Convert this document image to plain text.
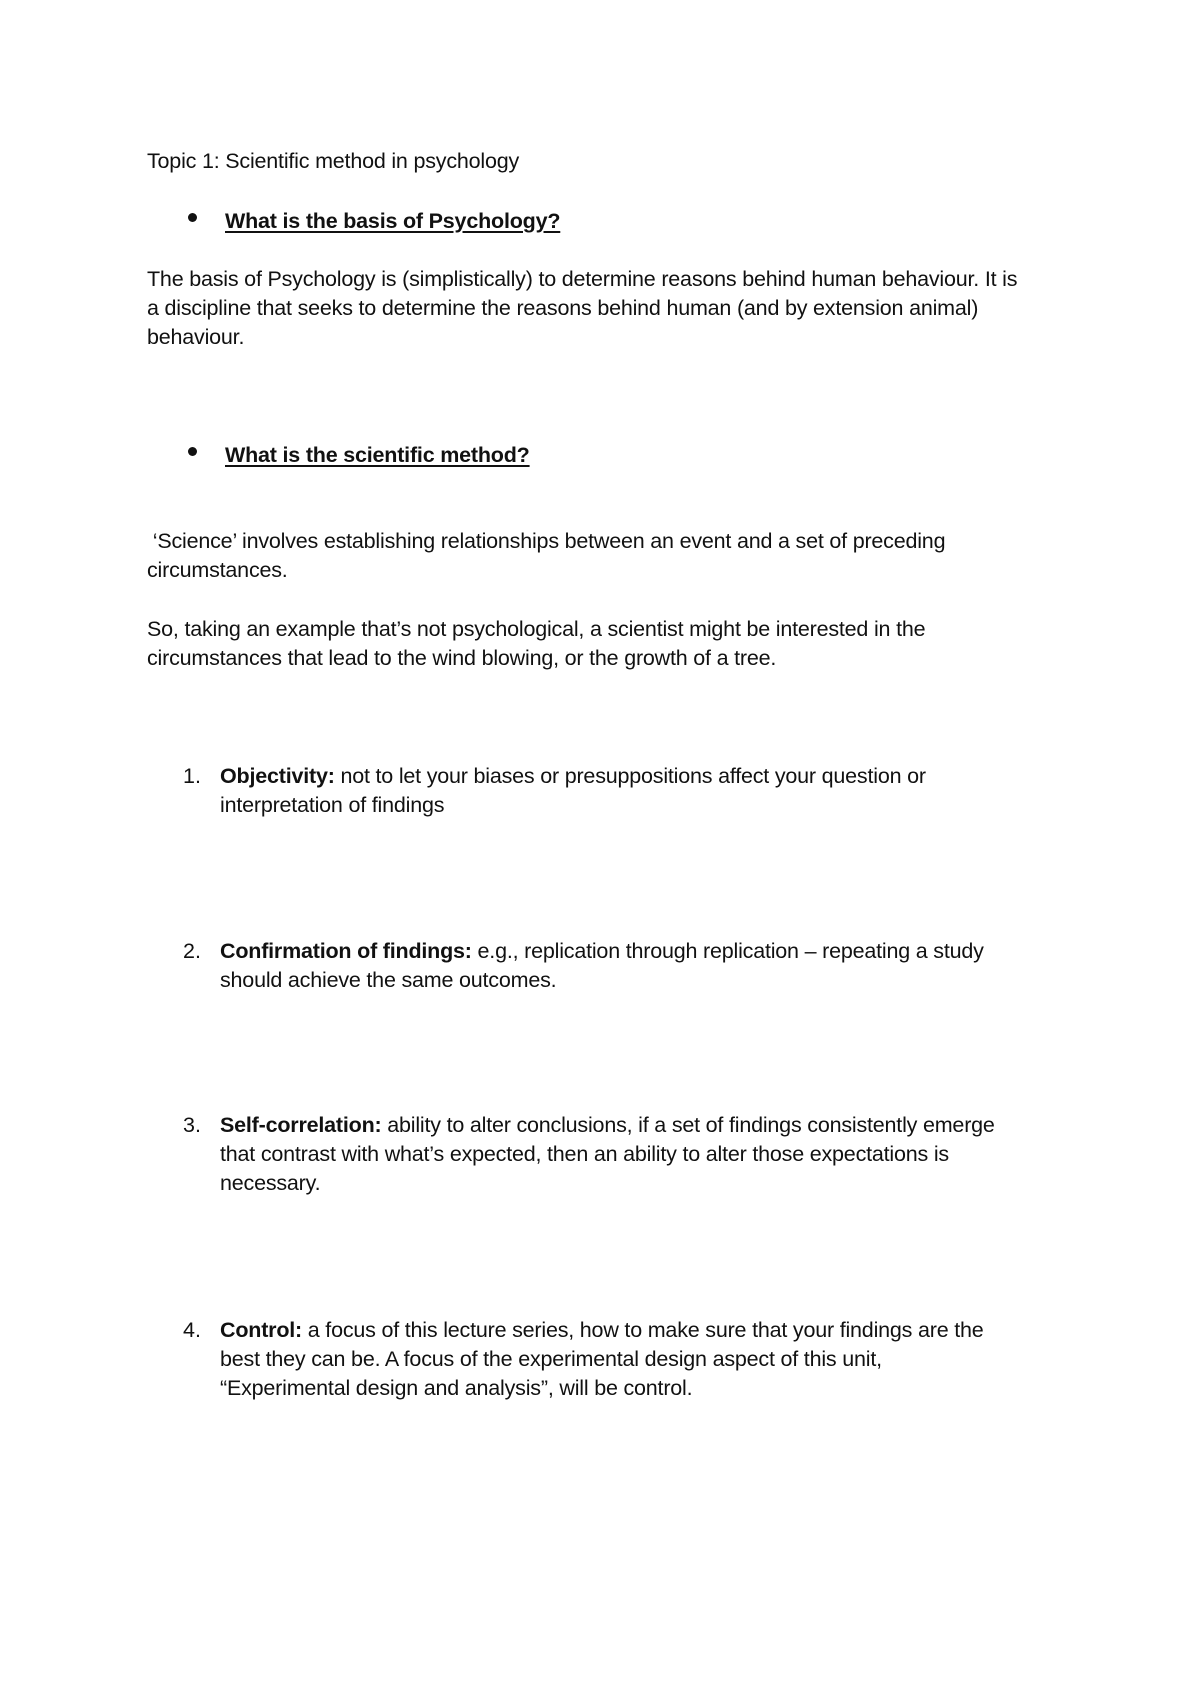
Topic 1: Scientific method in psychology
What is the basis of Psychology?
The basis of Psychology is (simplistically) to determine reasons behind human behaviour. It is
a discipline that seeks to determine the reasons behind human (and by extension animal)
behaviour.
What is the scientific method?
‘Science’ involves establishing relationships between an event and a set of preceding
circumstances.
So, taking an example that’s not psychological, a scientist might be interested in the
circumstances that lead to the wind blowing, or the growth of a tree.
1. Objectivity: not to let your biases or presuppositions affect your question or
interpretation of findings
2. Confirmation of findings: e.g., replication through replication – repeating a study
should achieve the same outcomes.
3. Self-correlation: ability to alter conclusions, if a set of findings consistently emerge
that contrast with what’s expected, then an ability to alter those expectations is
necessary.
4. Control: a focus of this lecture series, how to make sure that your findings are the
best they can be. A focus of the experimental design aspect of this unit,
“Experimental design and analysis”, will be control.
